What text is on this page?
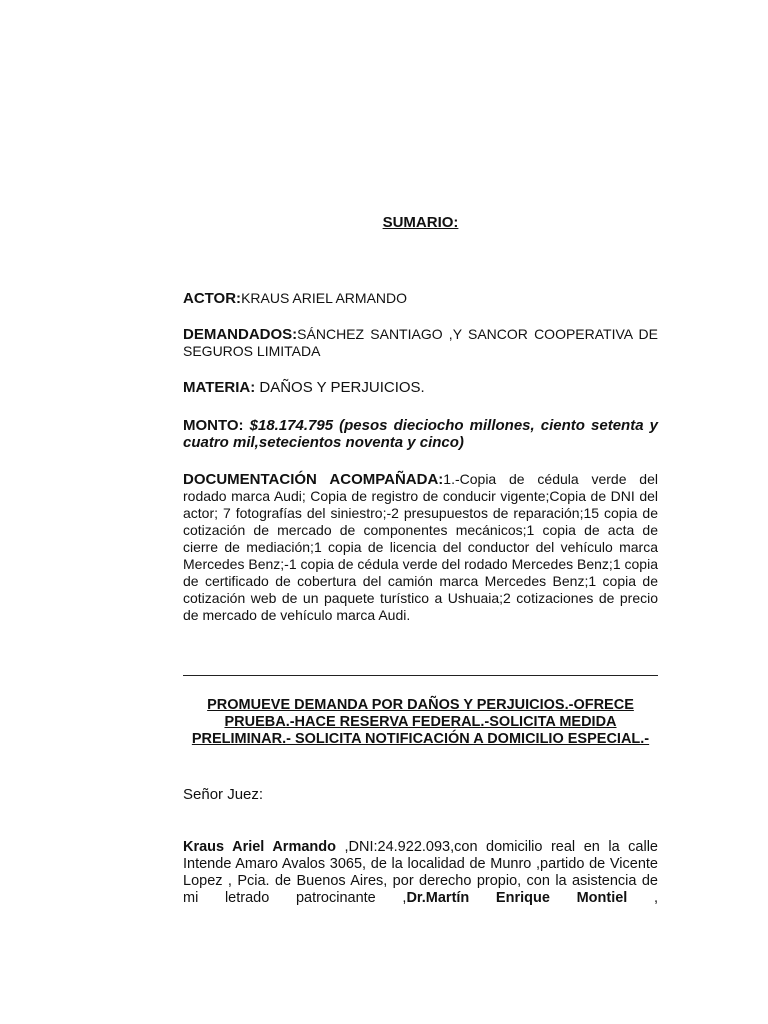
SUMARIO:
ACTOR:KRAUS ARIEL ARMANDO
DEMANDADOS:SÁNCHEZ SANTIAGO ,Y SANCOR COOPERATIVA DE SEGUROS LIMITADA
MATERIA: DAÑOS Y PERJUICIOS.
MONTO: $18.174.795 (pesos dieciocho millones, ciento setenta y cuatro mil,setecientos noventa y cinco)
DOCUMENTACIÓN ACOMPAÑADA:1.-Copia de cédula verde del rodado marca Audi; Copia de registro de conducir vigente;Copia de DNI del actor; 7 fotografías del siniestro;-2 presupuestos de reparación;15 copia de cotización de mercado de componentes mecánicos;1 copia de acta de cierre de mediación;1 copia de licencia del conductor del vehículo marca Mercedes Benz;-1 copia de cédula verde del rodado Mercedes Benz;1 copia de certificado de cobertura del camión marca Mercedes Benz;1 copia de cotización web de un paquete turístico a Ushuaia;2 cotizaciones de precio de mercado de vehículo marca Audi.
PROMUEVE DEMANDA POR DAÑOS Y PERJUICIOS.-OFRECE PRUEBA.-HACE RESERVA FEDERAL.-SOLICITA MEDIDA PRELIMINAR.- SOLICITA NOTIFICACIÓN A DOMICILIO ESPECIAL.-
Señor Juez:
Kraus Ariel Armando ,DNI:24.922.093,con domicilio real en la calle Intende Amaro Avalos 3065, de la localidad de Munro ,partido de Vicente Lopez , Pcia. de Buenos Aires, por derecho propio, con la asistencia de mi letrado patrocinante ,Dr.Martín Enrique Montiel ,
